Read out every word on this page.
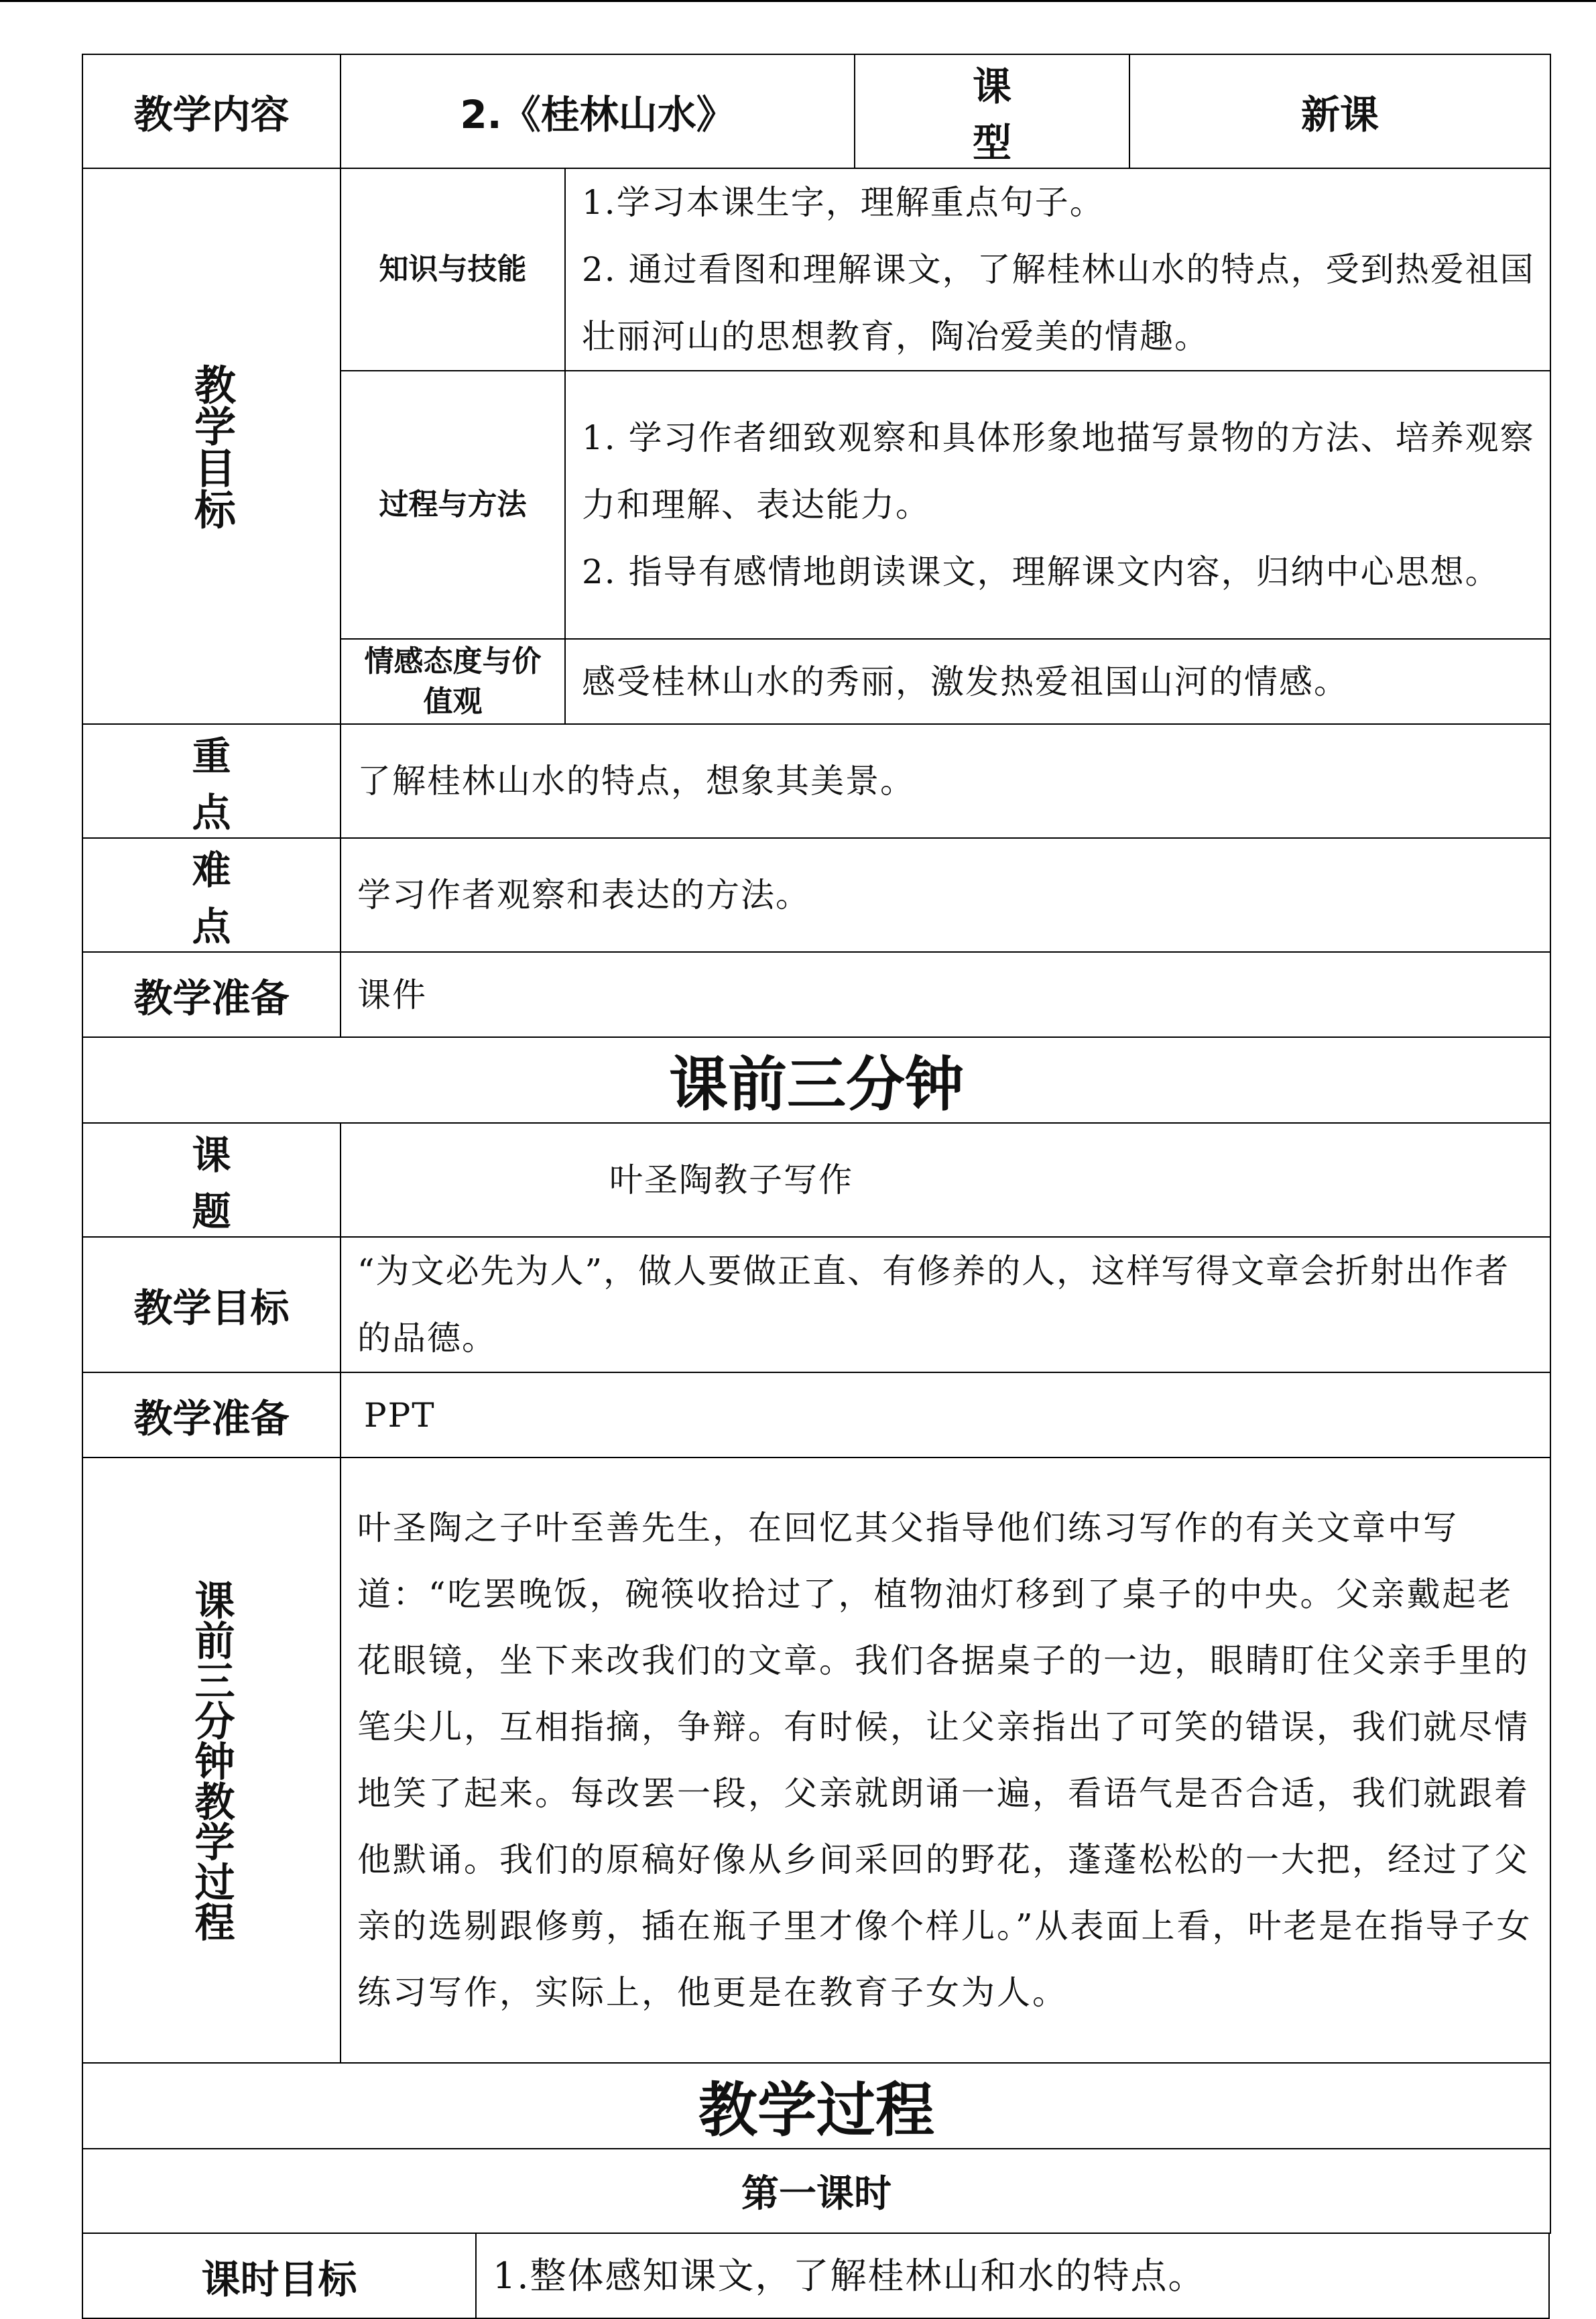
教学内容	2.《桂林山水》		课 型	新课

教学目标	知识与技能	1.学习本课生字，理解重点句子。
2. 通过看图和理解课文，了解桂林山水的特点，受到热爱祖国壮丽河山的思想教育，陶冶爱美的情趣。		

	过程与方法	1. 学习作者细致观察和具体形象地描写景物的方法、培养观察力和理解、表达能力。
2. 指导有感情地朗读课文，理解课文内容，归纳中心思想。		

	情感态度与价值观	感受桂林山水的秀丽，激发热爱祖国山河的情感。		
重 点	了解桂林山水的特点，想象其美景。			
难 点	学习作者观察和表达的方法。			
教学准备	课件			
课前三分钟				
课 题	叶圣陶教子写作			
教学目标	“为文必先为人”，做人要做正直、有修养的人，这样写得文章会折射出作者的品德。			
教学准备	PPT			

课前三分钟教学过程	叶圣陶之子叶至善先生，在回忆其父指导他们练习写作的有关文章中写道：“吃罢晚饭，碗筷收拾过了，植物油灯移到了桌子的中央。父亲戴起老花眼镜，坐下来改我们的文章。我们各据桌子的一边，眼睛盯住父亲手里的笔尖儿，互相指摘，争辩。有时候，让父亲指出了可笑的错误，我们就尽情地笑了起来。每改罢一段，父亲就朗诵一遍，看语气是否合适，我们就跟着他默诵。我们的原稿好像从乡间采回的野花，蓬蓬松松的一大把，经过了父亲的选剔跟修剪，插在瓶子里才像个样儿。”从表面上看，叶老是在指导子女练习写作，实际上，他更是在教育子女为人。			
教学过程				
第一课时				
课时目标	1.整体感知课文，了解桂林山和水的特点。
